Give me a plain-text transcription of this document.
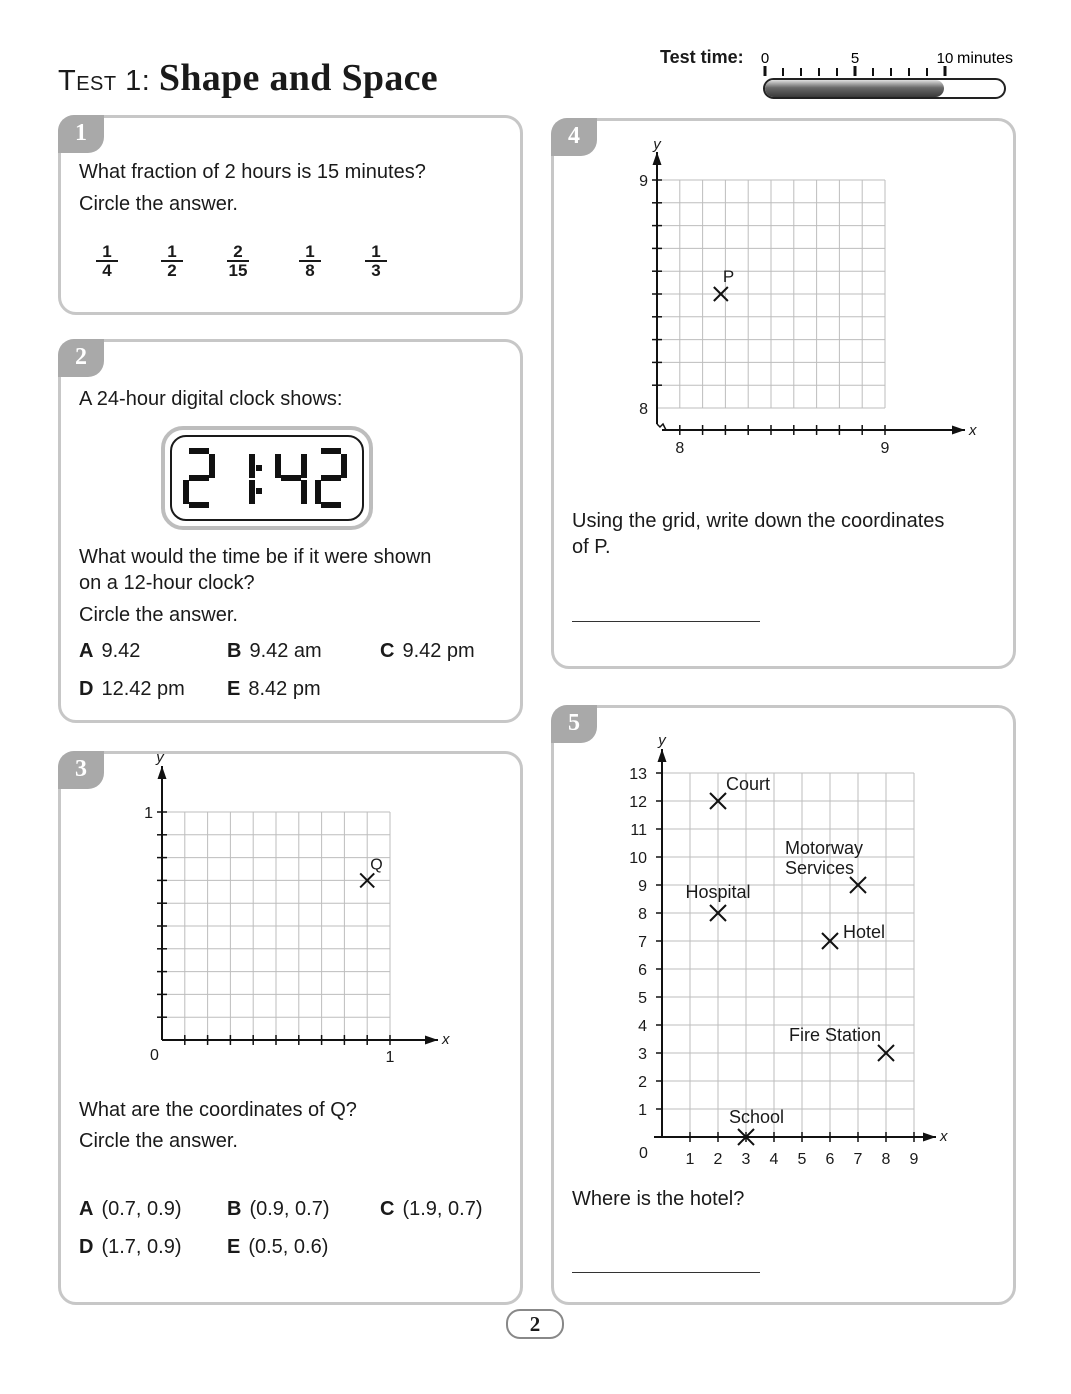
Test 1: Shape and Space	Test time: 0	5	10 minutes
1
What fraction of 2 hours is 15 minutes?
Circle the answer.
$\frac{1}{4}$	$\frac{1}{2}$	$\frac{2}{15}$	$\frac{1}{8}$	$\frac{1}{3}$
2
A 24-hour digital clock shows:
What would the time be if it were shown
on a 12-hour clock?
Circle the answer.
A 9.42	B 9.42 am	C 9.42 pm
D 12.42 pm E 8.42 pm
3
x
y
0	1
1
Q
What are the coordinates of Q?
Circle the answer.
A (0.7, 0.9) B (0.9, 0.7)	C (1.9, 0.7)
D (1.7, 0.9) E (0.5, 0.6)
4
x
y
8	9
8
9
P
Using the grid, write down the coordinates
of P.
5
1 2 3 4 5 6 7 8 9
1
2
3
4
5
6
7
8
9
10
11
12
13
0
x
y
Court
Hospital
Motorway
Services
Hotel
Fire Station
School
Where is the hotel?
2
